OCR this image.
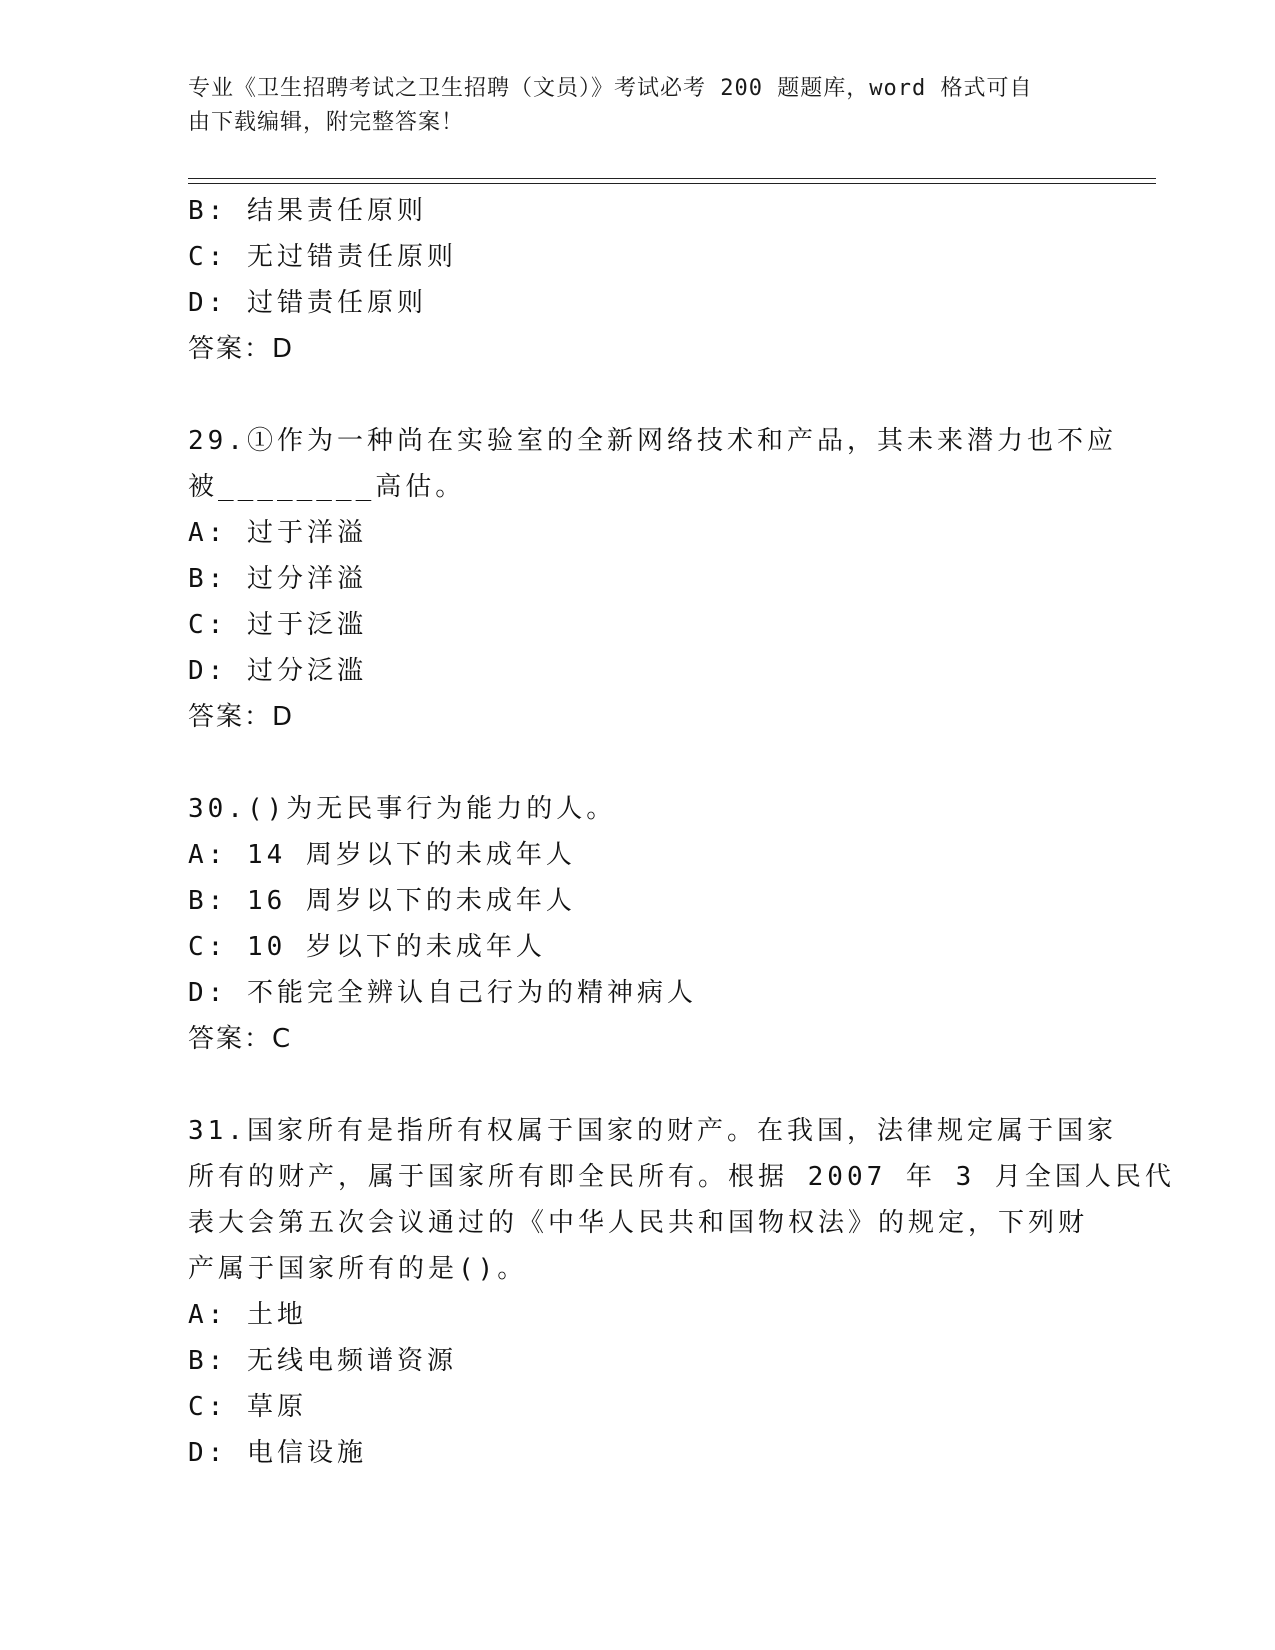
专业《卫生招聘考试之卫生招聘（文员）》考试必考 200 题题库，word 格式可自
由下载编辑，附完整答案！
B: 结果责任原则
C: 无过错责任原则
D: 过错责任原则
答案：D
29.①作为一种尚在实验室的全新网络技术和产品，其未来潜力也不应
被________高估。
A: 过于洋溢
B: 过分洋溢
C: 过于泛滥
D: 过分泛滥
答案：D
30.()为无民事行为能力的人。
A: 14 周岁以下的未成年人
B: 16 周岁以下的未成年人
C: 10 岁以下的未成年人
D: 不能完全辨认自己行为的精神病人
答案：C
31.国家所有是指所有权属于国家的财产。在我国，法律规定属于国家
所有的财产，属于国家所有即全民所有。根据 2007 年 3 月全国人民代
表大会第五次会议通过的《中华人民共和国物权法》的规定，下列财
产属于国家所有的是()。
A: 土地
B: 无线电频谱资源
C: 草原
D: 电信设施
